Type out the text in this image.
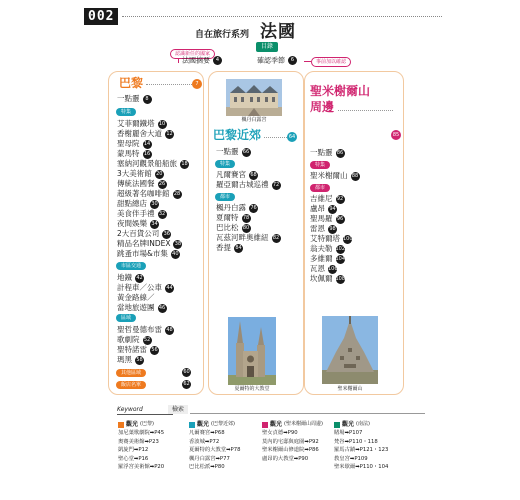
002
自在旅行系列 法國
目錄
認識新任的國家
事前加以確認
法國摘要 4	確認季節 6
巴黎	7
一點靈 8
特集
艾菲爾鐵塔 10
香榭麗舍大道 12
聖母院 14
蒙馬特 16
塞納河觀景船船旅 18
3大美術館 20
傳統法國餐 26
超級著名咖啡館 28
甜點總店 30
美食伴手禮 32
夜間娛樂 34
2大百貨公司 36
精品名牌INDEX 38
跳蚤市場&市集 40
市區交通
地鐵 42
計程車／公車 44
黃金路線／
當地旅遊團 46
區域
聖哲曼德布雷 48
歌劇院 52
聖特諾雷 56
瑪黑 58
其他區域	60
飯店名單	62
楓丹白露宮
巴黎近郊	64
一點靈 66
特集
凡爾賽宮 68
羅亞爾古城巡禮 72
都市
楓丹白露 76
夏爾特 78
巴比松 80
瓦茲河畔奧維紐 82
香提 84
夏爾特的大教堂
聖米榭爾山
周邊
85
一點靈 86
特集
聖米榭爾山 88
都市
吉維尼 92
盧昂 94
聖馬羅 96
雷恩 98
艾特爾塔 100
翁夫勒 102
多維爾 104
瓦恩 106
坎佩爾 108
聖米榭爾山
Keyword	檢索
觀光 (巴黎)
加尼葉歌劇院➡P45
奧賽美術館➡P23
凱旋門➡P12
聖心堂➡P16
羅浮宮美術館➡P20
觀光 (巴黎近郊)
凡爾賽宮➡P68
香波城➡P72
夏爾特的大教堂➡P78
楓丹白露宮➡P77
巴比松派➡P80
觀光 (聖米榭爾山周邊)
聖女貞德➡P90
莫內的宅邸與庭園➡P92
聖米榭爾山修道院➡P86
盧昂的大教堂➡P90
觀光 (南法)
賭場➡P107
梵谷➡P110・118
羅馬古蹟➡P121・123
教皇宮➡P109
聖米歇爾➡P110・104
